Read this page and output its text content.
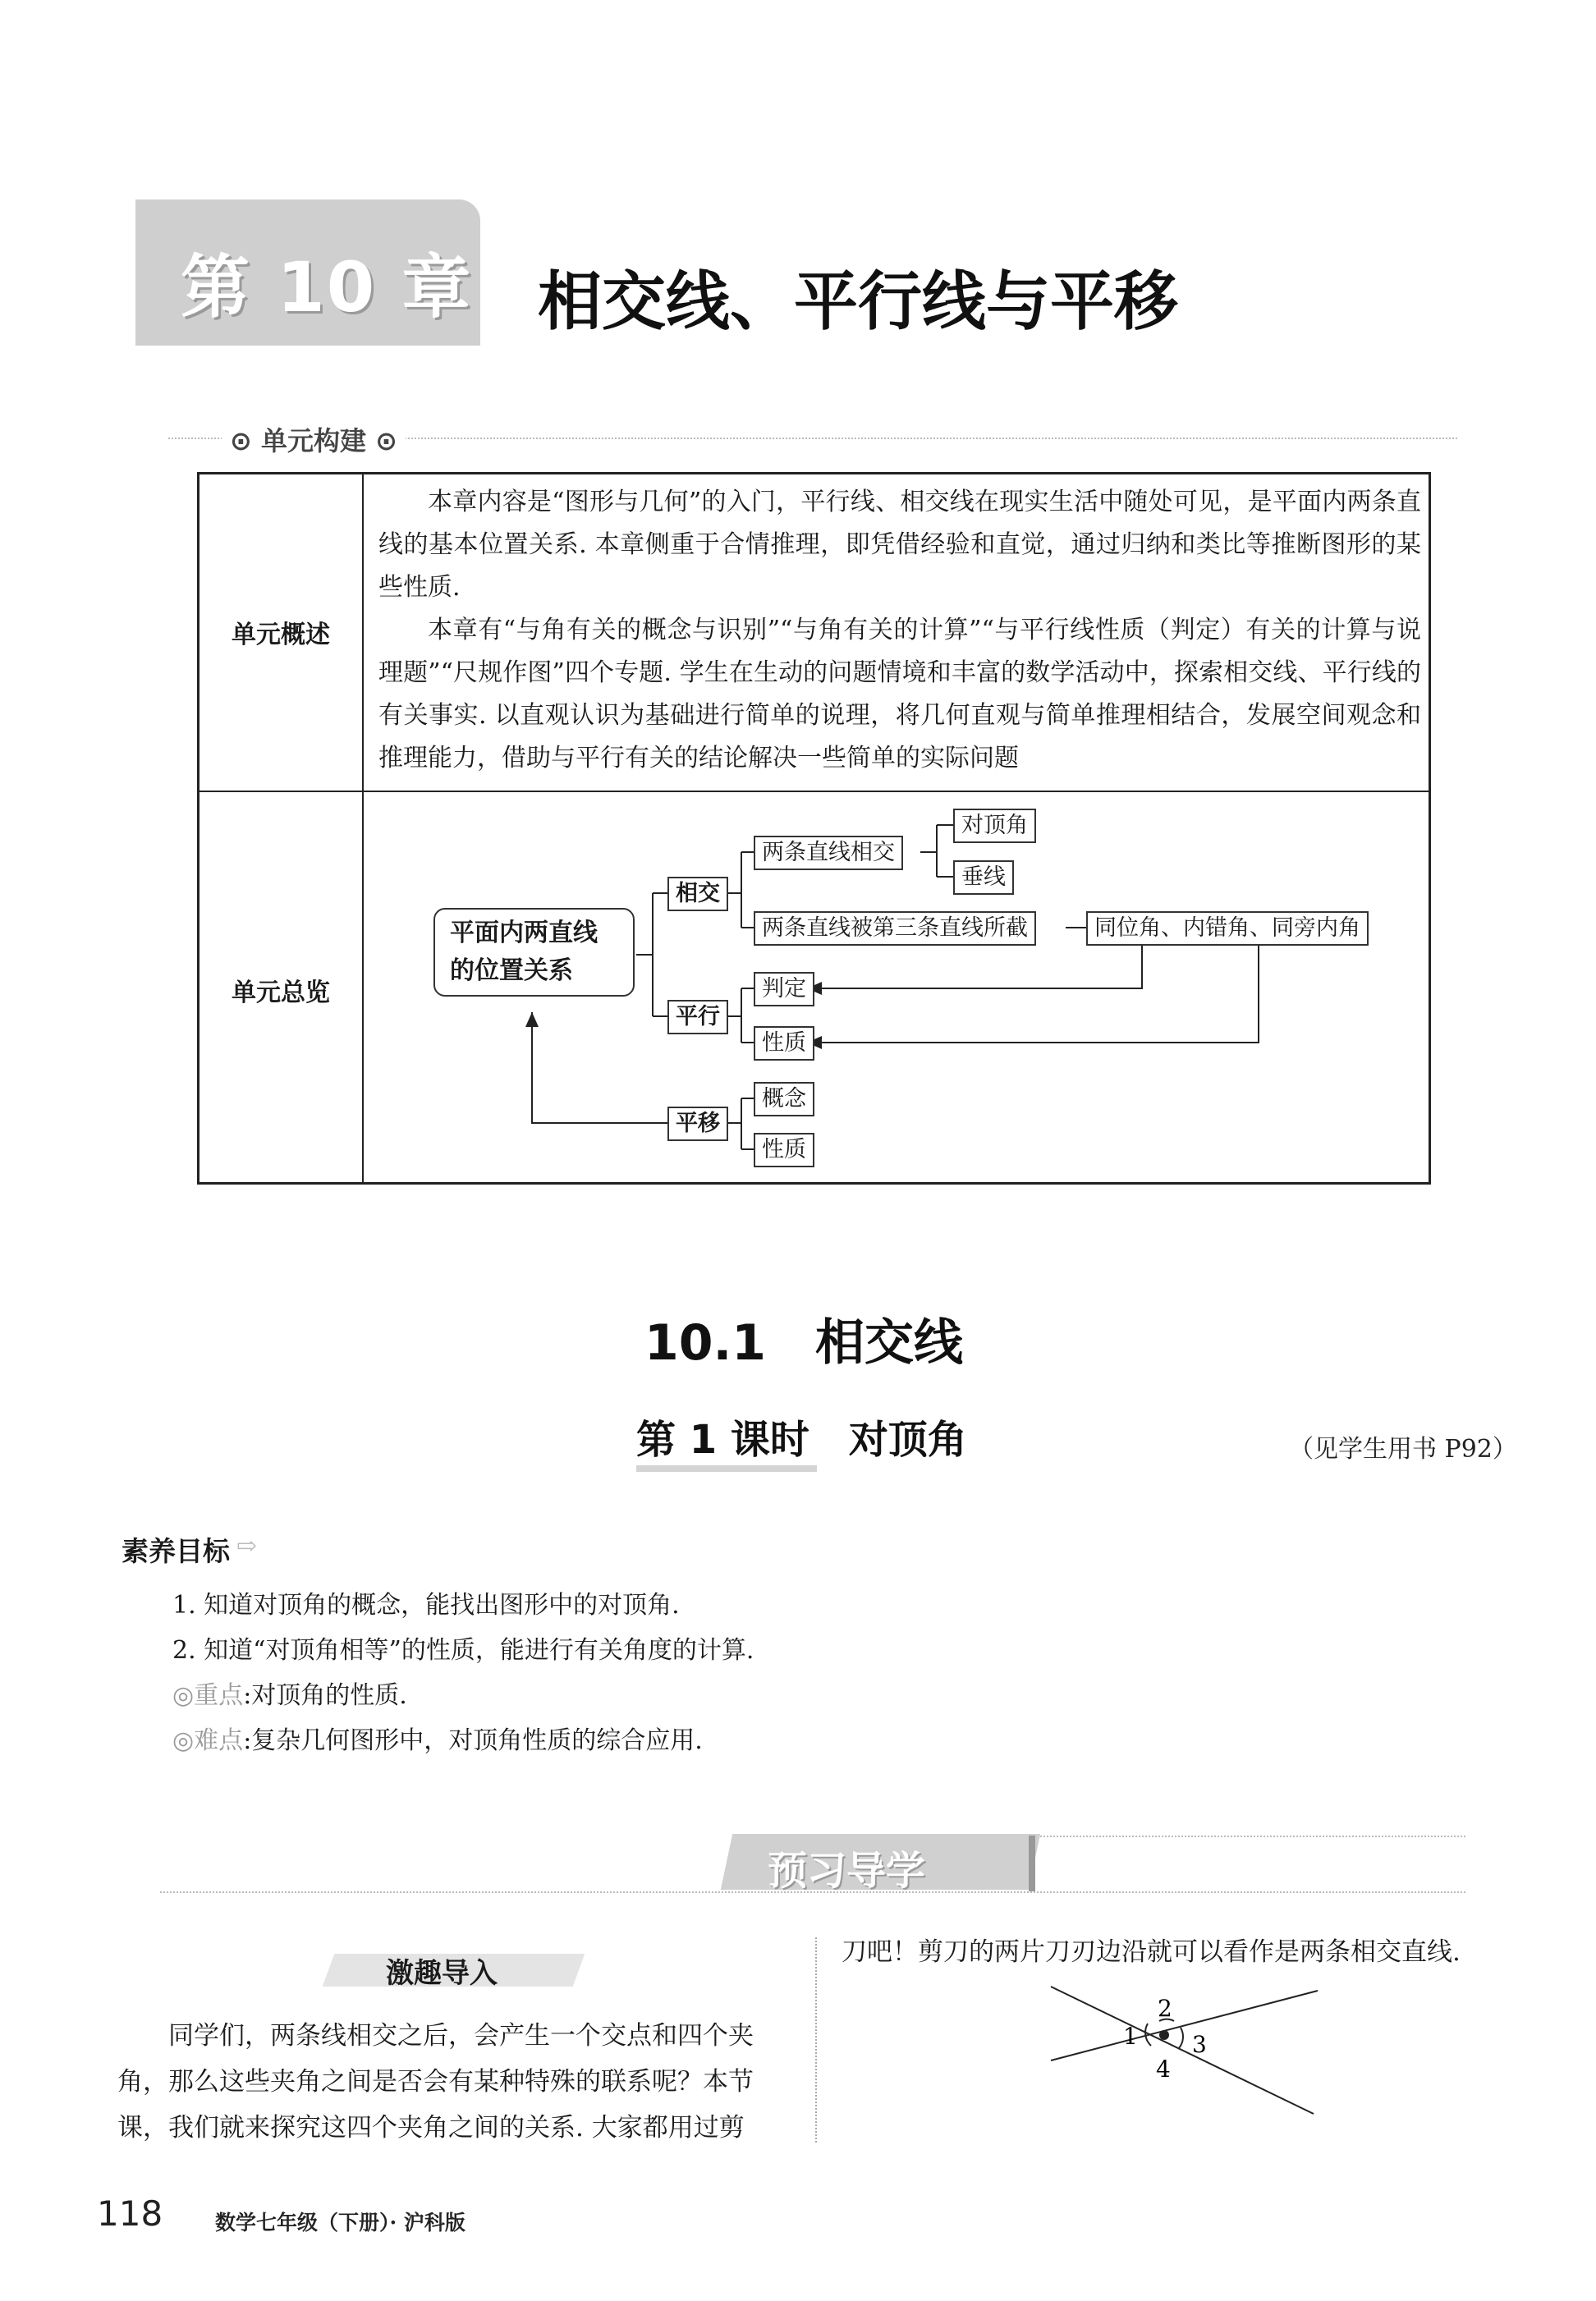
第 10 章 相交线、平行线与平移
⊙ 单元构建 ⊙
单元概述

本章内容是“图形与几何”的入门，平行线、相交线在现实生活中随处可见，是平面内两条直线的基本位置关系. 本章侧重于合情推理，即凭借经验和直觉，通过归纳和类比等推断图形的某些性质.

本章有“与角有关的概念与识别”“与角有关的计算”“与平行线性质（判定）有关的计算与说理题”“尺规作图”四个专题. 学生在生动的问题情境和丰富的数学活动中，探索相交线、平行线的有关事实. 以直观认识为基础进行简单的说理，将几何直观与简单推理相结合，发展空间观念和推理能力，借助与平行有关的结论解决一些简单的实际问题

单元总览
平面内两直线
的位置关系
相交
两条直线相交
对顶角
垂线
两条直线被第三条直线所截	同位角、内错角、同旁内角
平行
判定
性质
平移
概念
性质
10.1　相交线
第 1 课时　对顶角	（见学生用书 P92）
素养目标 ⇨
1. 知道对顶角的概念，能找出图形中的对顶角.
2. 知道“对顶角相等”的性质，能进行有关角度的计算.
◎重点:对顶角的性质.
◎难点:复杂几何图形中，对顶角性质的综合应用.
预习导学
激趣导入
同学们，两条线相交之后，会产生一个交点和四个夹
角，那么这些夹角之间是否会有某种特殊的联系呢？本节
课，我们就来探究这四个夹角之间的关系. 大家都用过剪
刀吧！剪刀的两片刀刃边沿就可以看作是两条相交直线.
1
2
3
4
118	数学七年级（下册）· 沪科版
